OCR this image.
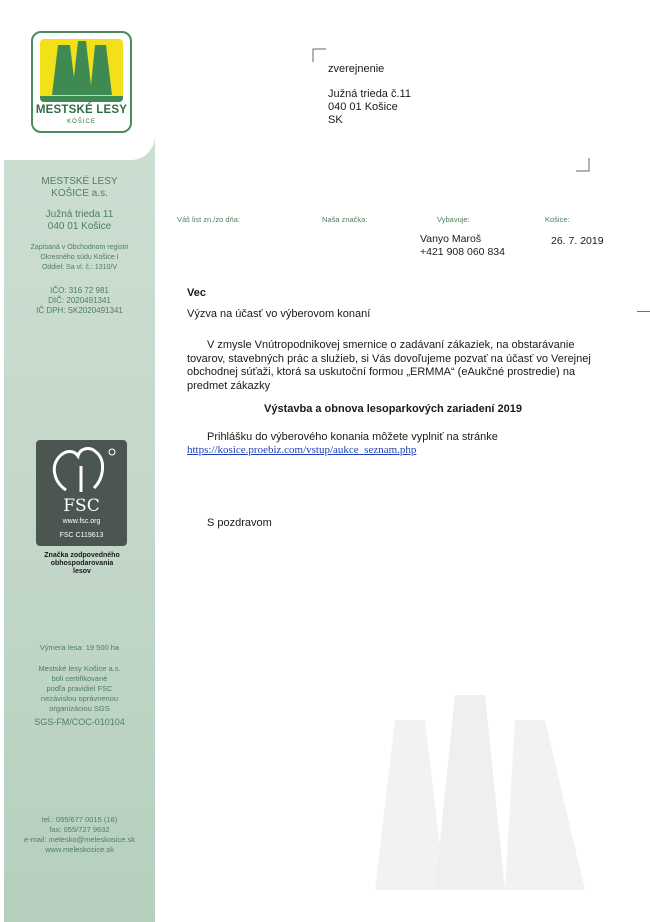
MESTSKÉ LESY
KOŠICE
MESTSKÉ LESY
KOŠICE a.s.
Južná trieda 11
040 01 Košice
Zapísaná v Obchodnom registri
Okresného súdu Košice I
Oddiel: Sa vl. č.: 1310/V
IČO: 316 72 981
DIČ: 2020491341
IČ DPH: SK2020491341
FSC
www.fsc.org
FSC C119613
Značka zodpovedného
obhospodarovania
lesov
Výmera lesa: 19 500 ha
Mestské lesy Košice a.s.
boli certifikované
podľa pravidiel FSC
nezávislou oprávnenou
organizáciou SGS
SGS-FM/COC-010104
tel.: 055/677 0015 (16)
fax: 055/727 9632
e-mail: melesko@meleskosice.sk
www.meleskosice.sk
zverejnenie
Južná trieda č.11
040 01 Košice
SK
Váš list zn./zo dňa:	Naša značka:	Vybavuje:	Košice:
Vanyo Maroš
+421 908 060 834
26. 7. 2019
Vec
Výzva na účasť vo výberovom konaní
V zmysle Vnútropodnikovej smernice o zadávaní zákaziek, na obstarávanie tovarov, stavebných prác a služieb, si Vás dovoľujeme pozvať na účasť vo Verejnej obchodnej súťaži, ktorá sa uskutoční formou „ERMMA“ (eAukčné prostredie) na predmet zákazky
Výstavba a obnova lesoparkových zariadení 2019
Prihlášku do výberového konania môžete vyplniť na stránke
https://kosice.proebiz.com/vstup/aukce_seznam.php
S pozdravom
